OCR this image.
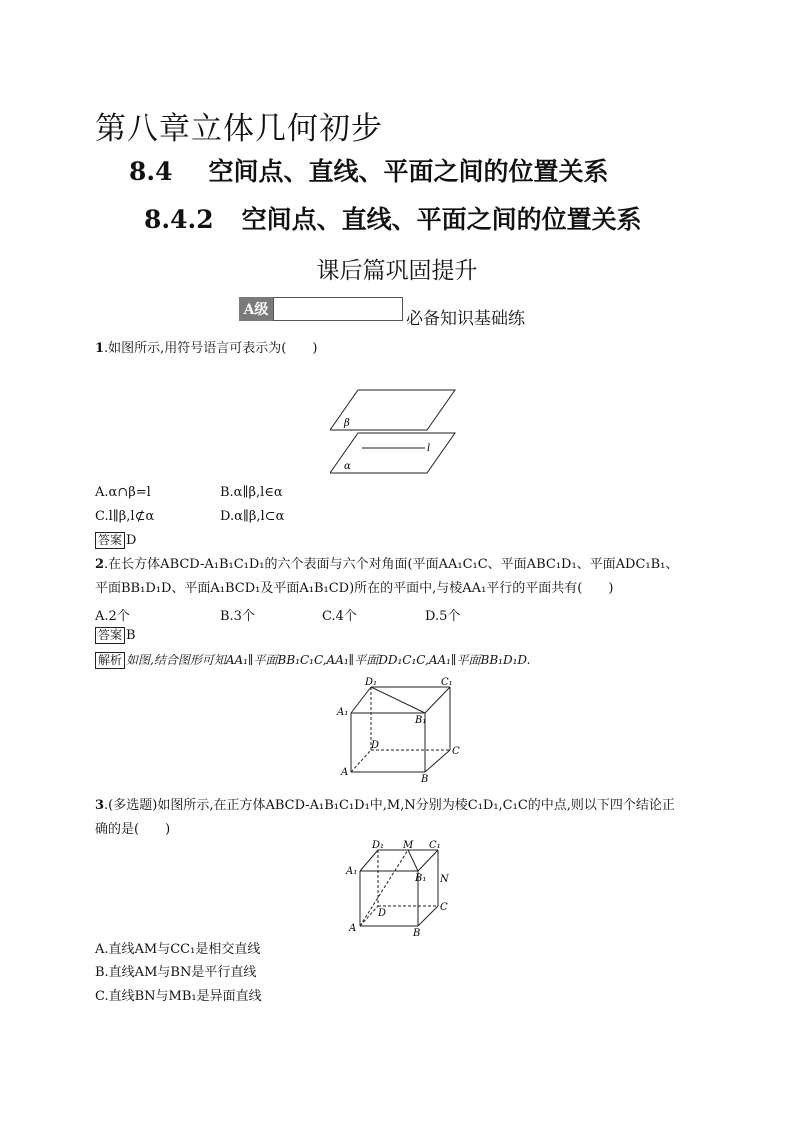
第八章立体几何初步
8.4 空间点、直线、平面之间的位置关系
8.4.2 空间点、直线、平面之间的位置关系
课后篇巩固提升
A级	必备知识基础练
1.如图所示,用符号语言可表示为(　　)
β
α
l
A.α∩β=l	B.α∥β,l∈α
C.l∥β,l⊄α	D.α∥β,l⊂α
答案 D
2.在长方体ABCD-A₁B₁C₁D₁的六个表面与六个对角面(平面AA₁C₁C、平面ABC₁D₁、平面ADC₁B₁、
平面BB₁D₁D、平面A₁BCD₁及平面A₁B₁CD)所在的平面中,与棱AA₁平行的平面共有(　　)
A.2个	B.3个	C.4个	D.5个
答案 B
解析 如图,结合图形可知AA₁∥平面BB₁C₁C,AA₁∥平面DD₁C₁C,AA₁∥平面BB₁D₁D.
D₁	C₁
A₁
B₁
D
C
A
B
3.(多选题)如图所示,在正方体ABCD-A₁B₁C₁D₁中,M,N分别为棱C₁D₁,C₁C的中点,则以下四个结论正
确的是(　　)
D₁ M C₁
A₁
B₁ N
D
C
A	B
A.直线AM与CC₁是相交直线
B.直线AM与BN是平行直线
C.直线BN与MB₁是异面直线
